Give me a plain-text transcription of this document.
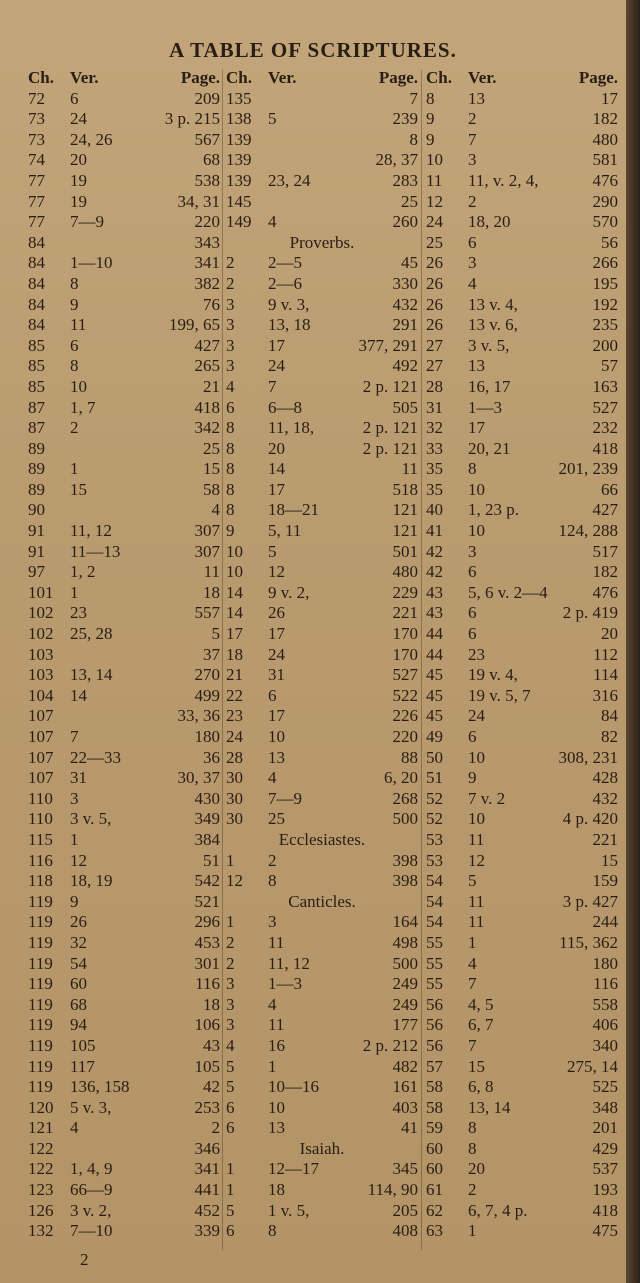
A TABLE OF SCRIPTURES.
Ch. Ver.	Page.
72 6	209
73 24	3 p. 215
73 24, 26	567
74 20	68
77 19	538
77 19	34, 31
77 7—9	220
84	343
84 1—10	341
84 8	382
84 9	76
84 11	199, 65
85 6	427
85 8	265
85 10	21
87 1, 7	418
87 2	342
89	25
89 1	15
89 15	58
90	4
91 11, 12	307
91 11—13	307
97 1, 2	11
101 1	18
102 23	557
102 25, 28	5
103	37
103 13, 14	270
104 14	499
107	33, 36
107 7	180
107 22—33	36
107 31	30, 37
110 3	430
110 3 v. 5,	349
115 1	384
116 12	51
118 18, 19	542
119 9	521
119 26	296
119 32	453
119 54	301
119 60	116
119 68	18
119 94	106
119 105	43
119 117	105
119 136, 158	42
120 5 v. 3,	253
121 4	2
122	346
122 1, 4, 9	341
123 66—9	441
126 3 v. 2,	452
132 7—10	339
Ch. Ver.	Page.
135	7
138 5	239
139	8
139	28, 37
139 23, 24	283
145	25
149 4	260
Proverbs.
2 2—5	45
2 2—6	330
3 9 v. 3,	432
3 13, 18	291
3 17	377, 291
3 24	492
4 7	2 p. 121
6 6—8	505
8 11, 18,	2 p. 121
8 20	2 p. 121
8 14	11
8 17	518
8 18—21	121
9 5, 11	121
10 5	501
10 12	480
14 9 v. 2,	229
14 26	221
17 17	170
18 24	170
21 31	527
22 6	522
23 17	226
24 10	220
28 13	88
30 4	6, 20
30 7—9	268
30 25	500
Ecclesiastes.
1 2	398
12 8	398
Canticles.
1 3	164
2 11	498
2 11, 12	500
3 1—3	249
3 4	249
3 11	177
4 16	2 p. 212
5 1	482
5 10—16	161
6 10	403
6 13	41
Isaiah.
1 12—17	345
1 18	114, 90
5 1 v. 5,	205
6 8	408
Ch. Ver.	Page.
8 13	17
9 2	182
9 7	480
10 3	581
11 11, v. 2, 4,	476
12 2	290
24 18, 20	570
25 6	56
26 3	266
26 4	195
26 13 v. 4,	192
26 13 v. 6,	235
27 3 v. 5,	200
27 13	57
28 16, 17	163
31 1—3	527
32 17	232
33 20, 21	418
35 8	201, 239
35 10	66
40 1, 23 p.	427
41 10	124, 288
42 3	517
42 6	182
43 5, 6 v. 2—4	476
43 6	2 p. 419
44 6	20
44 23	112
45 19 v. 4,	114
45 19 v. 5, 7	316
45 24	84
49 6	82
50 10	308, 231
51 9	428
52 7 v. 2	432
52 10	4 p. 420
53 11	221
53 12	15
54 5	159
54 11	3 p. 427
54 11	244
55 1	115, 362
55 4	180
55 7	116
56 4, 5	558
56 6, 7	406
56 7	340
57 15	275, 14
58 6, 8	525
58 13, 14	348
59 8	201
60 8	429
60 20	537
61 2	193
62 6, 7, 4 p.	418
63 1	475
2
